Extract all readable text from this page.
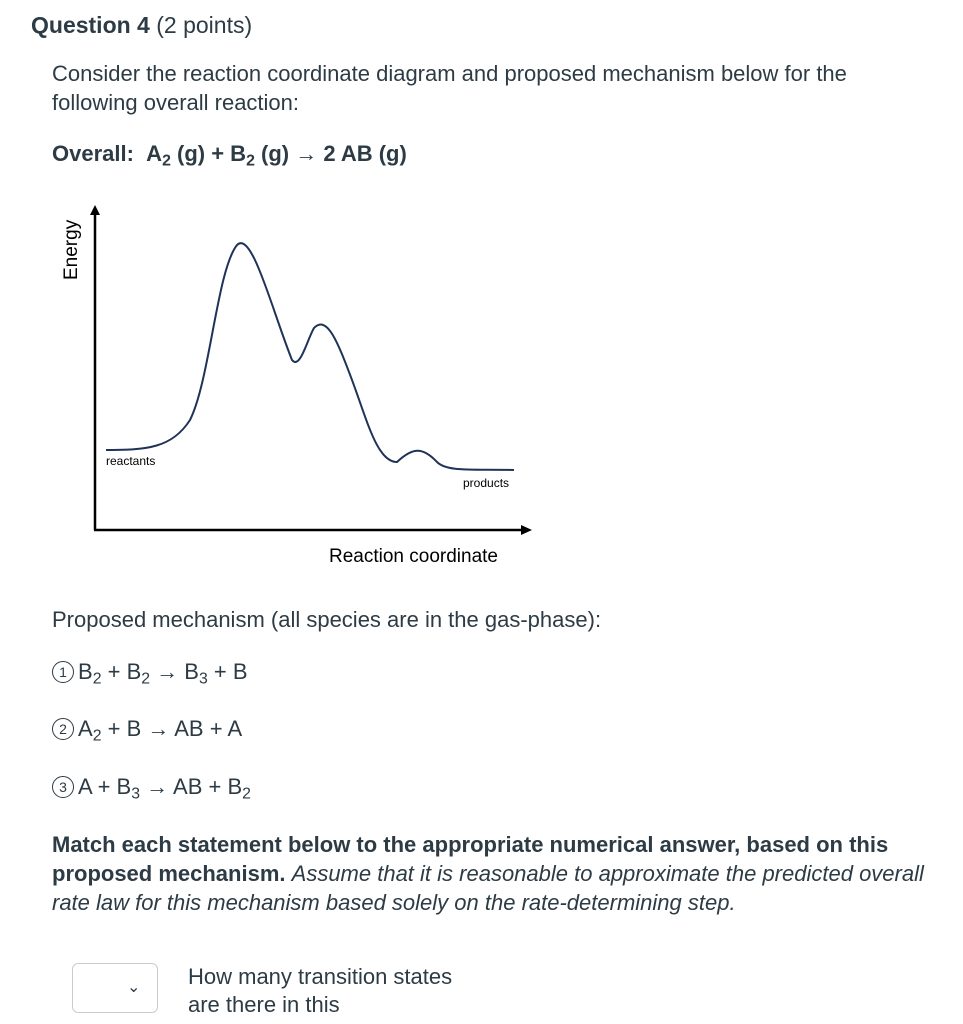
Question 4 (2 points)
Consider the reaction coordinate diagram and proposed mechanism below for the following overall reaction:
Overall: $A_2$ $(g) + B_2$ (g) → 2 AB (g)
reactants
products
Reaction coordinate
Energy
Proposed mechanism (all species are in the gas-phase):
1 $B_2 + B_2 \to B_3 + B$
2 $A_2 + B$ → AB + A
3 $A + B_3$ → AB + $B_2$
Match each statement below to the appropriate numerical answer, based on this proposed mechanism. Assume that it is reasonable to approximate the predicted overall rate law for this mechanism based solely on the rate-determining step.
⌄ How many transition states are there in this
